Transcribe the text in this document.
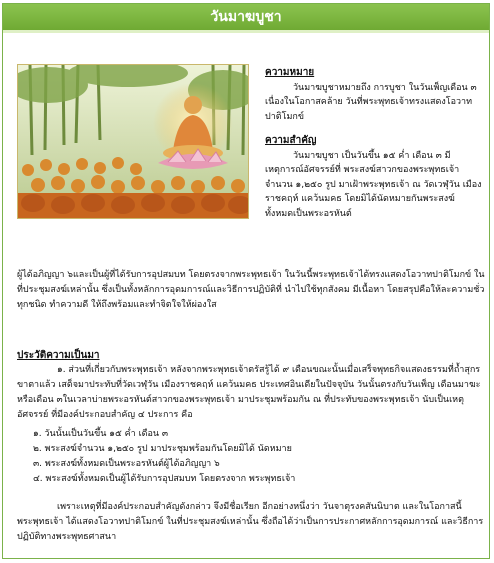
วันมาฆบูชา
ความหมาย

วันมาฆบูชาหมายถึง การบูชา ในวันเพ็ญเดือน ๓ เนื่องในโอกาสคล้าย วันที่พระพุทธเจ้าทรงแสดงโอวาทปาติโมกข์

ความสำคัญ

วันมาฆบูชา เป็นวันขึ้น ๑๕ ค่ำ เดือน ๓ มีเหตุการณ์อัศจรรย์ที่ พระสงฆ์สาวกของพระพุทธเจ้าจำนวน ๑,๒๕๐ รูป มาเฝ้าพระพุทธเจ้า ณ วัดเวฬุวัน เมืองราชคฤห์ แคว้นมคธ โดยมิได้นัดหมายกันพระสงฆ์ ทั้งหมดเป็นพระอรหันต์

ผู้ได้อภิญญา ๖และเป็นผู้ที่ได้รับการอุปสมบท โดยตรงจากพระพุทธเจ้า ในวันนี้พระพุทธเจ้าได้ทรงแสดงโอวาทปาติโมกข์ ในที่ประชุมสงฆ์เหล่านั้น ซึ่งเป็นทั้งหลักการอุดมการณ์และวิธีการปฏิบัติที่ นำไปใช้ทุกสังคม มีเนื้อหา โดยสรุปคือให้ละความชั่วทุกชนิด ทำความดี ให้ถึงพร้อมและทำจิตใจให้ผ่องใส
ประวัติความเป็นมา
๑. ส่วนที่เกี่ยวกับพระพุทธเจ้า หลังจากพระพุทธเจ้าตรัสรู้ได้ ๙ เดือนขณะนั้นเมื่อเสร็จพุทธกิจแสดงธรรมที่ถ้ำสุกรขาตาแล้ว เสด็จมาประทับที่วัดเวฬุวัน เมืองราชคฤห์ แคว้นมคธ ประเทศอินเดียในปัจจุบัน วันนั้นตรงกับวันเพ็ญ เดือนมาฆะหรือเดือน ๓ในเวลาบ่ายพระอรหันต์สาวกของพระพุทธเจ้า มาประชุมพร้อมกัน ณ ที่ประทับของพระพุทธเจ้า นับเป็นเหตุอัศจรรย์ ที่มีองค์ประกอบสำคัญ ๔ ประการ คือ
๑. วันนั้นเป็นวันขึ้น ๑๕ ค่ำ เดือน ๓
๒. พระสงฆ์จำนวน ๑,๒๕๐ รูป มาประชุมพร้อมกันโดยมิได้ นัดหมาย
๓. พระสงฆ์ทั้งหมดเป็นพระอรหันต์ผู้ได้อภิญญา ๖
๔. พระสงฆ์ทั้งหมดเป็นผู้ได้รับการอุปสมบท โดยตรงจาก พระพุทธเจ้า
เพราะเหตุที่มีองค์ประกอบสำคัญดังกล่าว จึงมีชื่อเรียก อีกอย่างหนึ่งว่า วันจาตุรงคสันนิบาต และในโอกาสนี้ พระพุทธเจ้า ได้แสดงโอวาทปาติโมกข์ ในที่ประชุมสงฆ์เหล่านั้น ซึ่งถือได้ว่าเป็นการประกาศหลักการอุดมการณ์ และวิธีการปฏิบัติทางพระพุทธศาสนา
